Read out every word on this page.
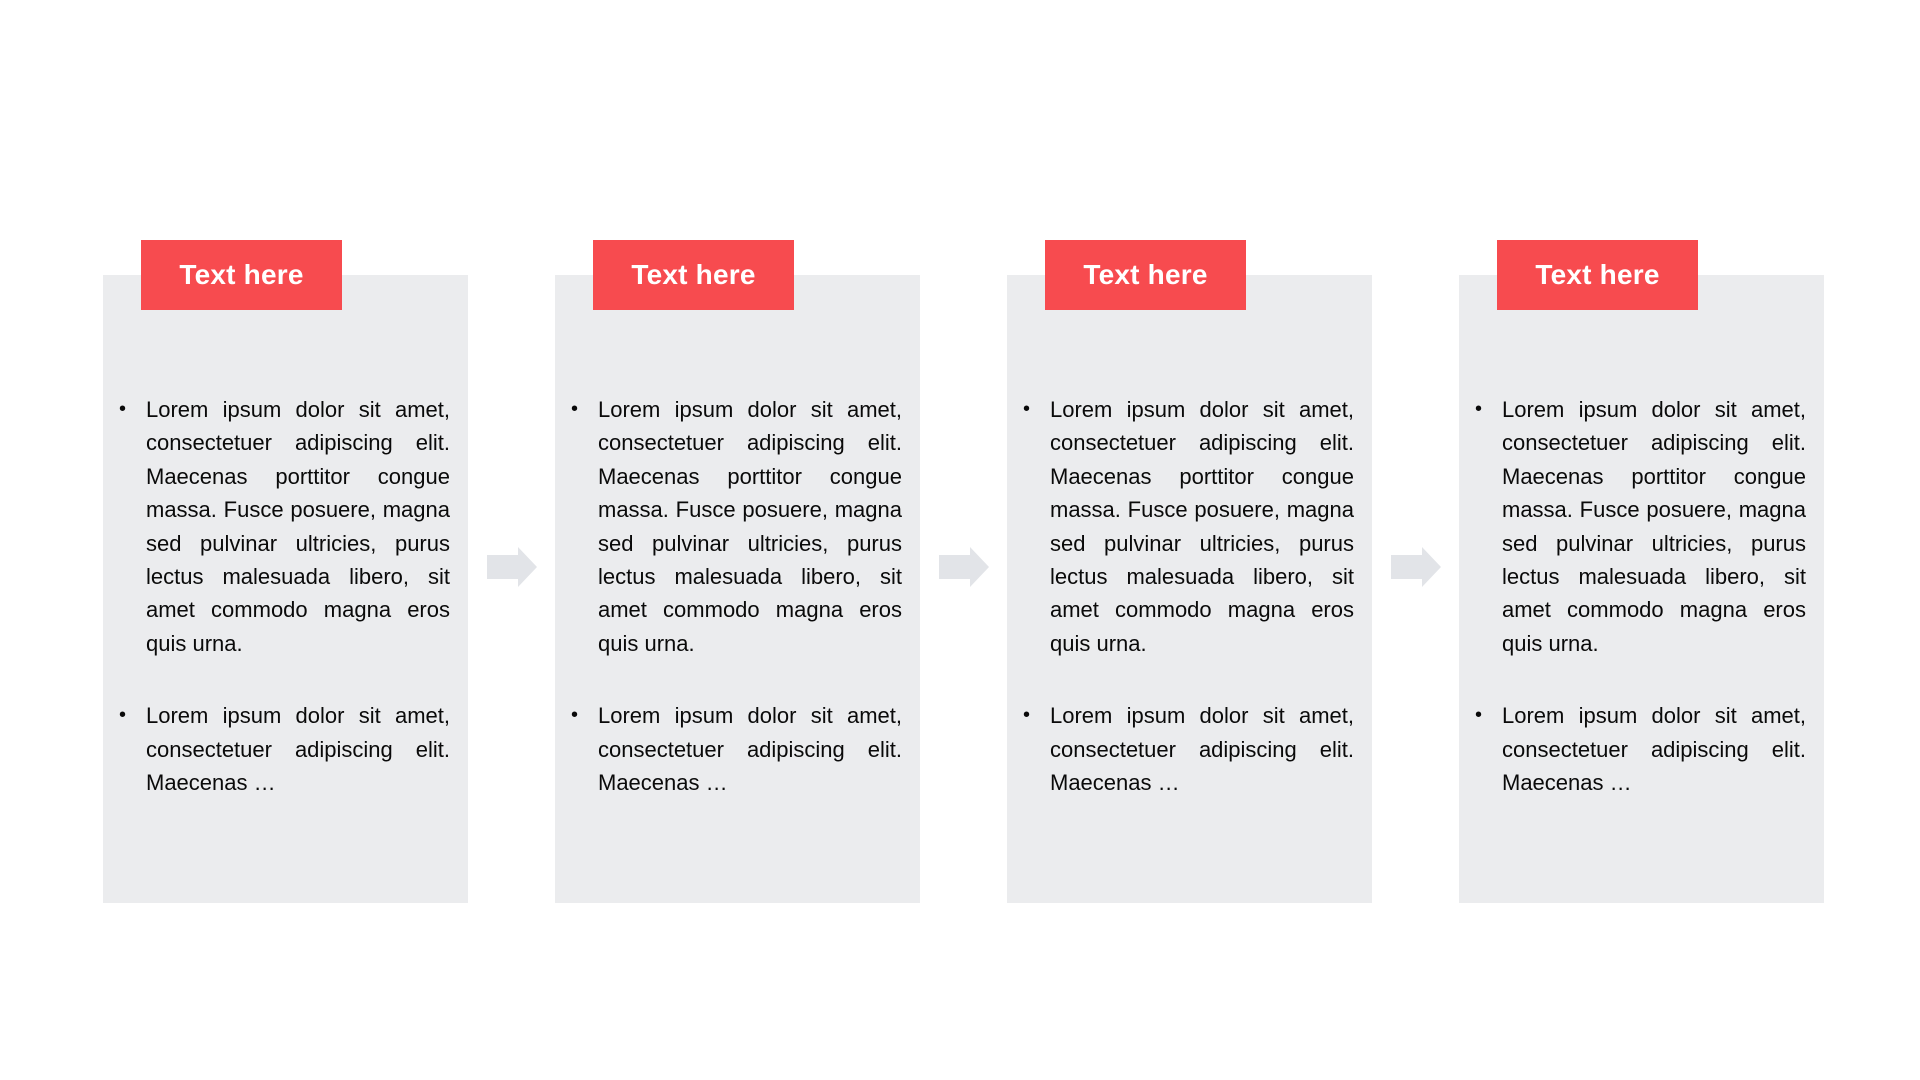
Text here
• Lorem ipsum dolor sit amet, consectetuer adipiscing elit. Maecenas porttitor congue massa. Fusce posuere, magna sed pulvinar ultricies, purus lectus malesuada libero, sit amet commodo magna eros quis urna.
• Lorem ipsum dolor sit amet, consectetuer adipiscing elit. Maecenas …
Text here
• Lorem ipsum dolor sit amet, consectetuer adipiscing elit. Maecenas porttitor congue massa. Fusce posuere, magna sed pulvinar ultricies, purus lectus malesuada libero, sit amet commodo magna eros quis urna.
• Lorem ipsum dolor sit amet, consectetuer adipiscing elit. Maecenas …
Text here
• Lorem ipsum dolor sit amet, consectetuer adipiscing elit. Maecenas porttitor congue massa. Fusce posuere, magna sed pulvinar ultricies, purus lectus malesuada libero, sit amet commodo magna eros quis urna.
• Lorem ipsum dolor sit amet, consectetuer adipiscing elit. Maecenas …
Text here
• Lorem ipsum dolor sit amet, consectetuer adipiscing elit. Maecenas porttitor congue massa. Fusce posuere, magna sed pulvinar ultricies, purus lectus malesuada libero, sit amet commodo magna eros quis urna.
• Lorem ipsum dolor sit amet, consectetuer adipiscing elit. Maecenas …
